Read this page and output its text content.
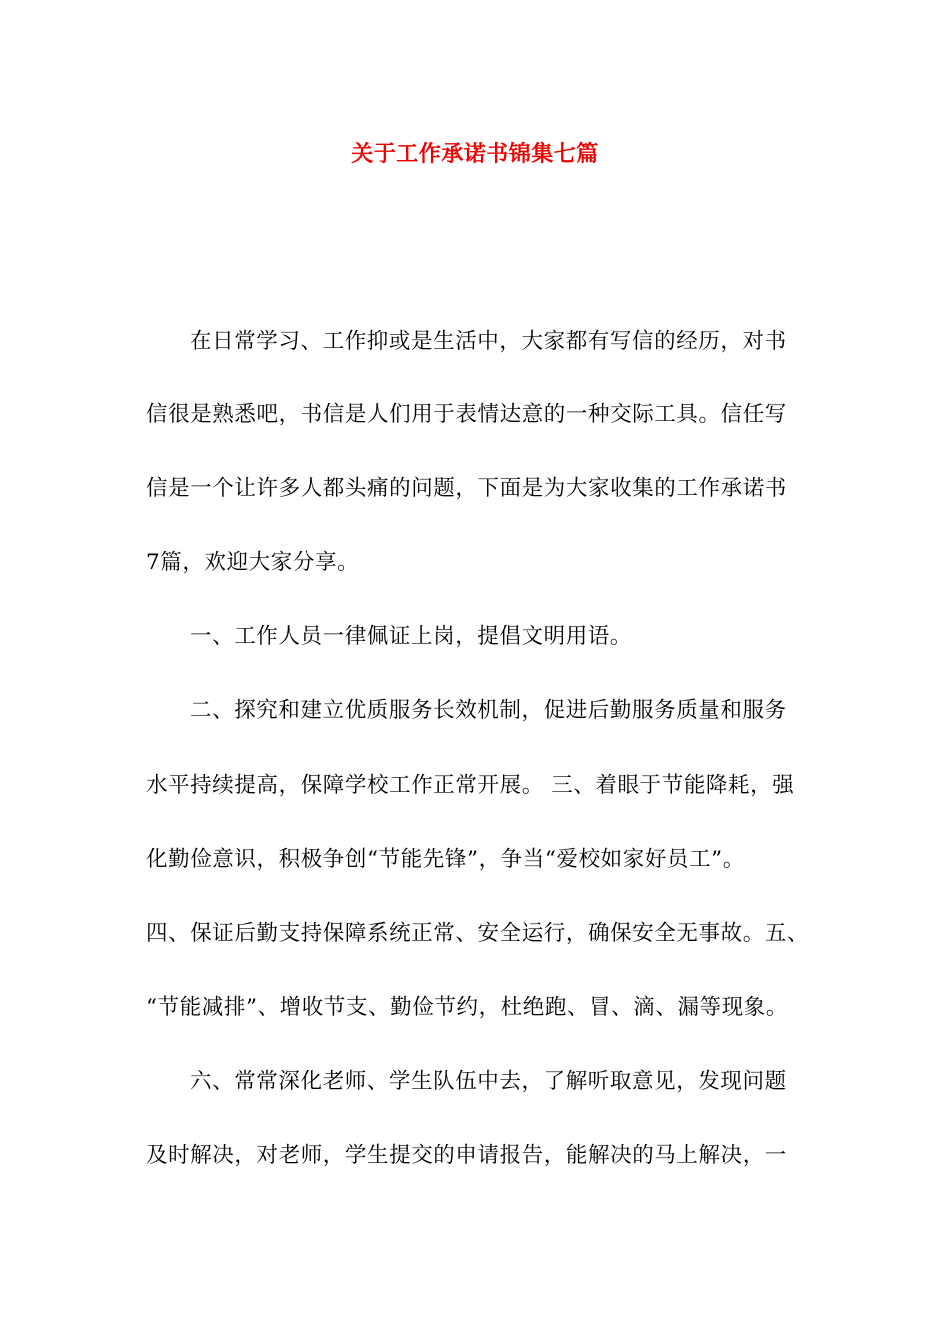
关于工作承诺书锦集七篇
在日常学习、工作抑或是生活中，大家都有写信的经历，对书
信很是熟悉吧，书信是人们用于表情达意的一种交际工具。信任写
信是一个让许多人都头痛的问题，下面是为大家收集的工作承诺书
7篇，欢迎大家分享。
一、工作人员一律佩证上岗，提倡文明用语。
二、探究和建立优质服务长效机制，促进后勤服务质量和服务
水平持续提高，保障学校工作正常开展。 三、着眼于节能降耗，强
化勤俭意识，积极争创“节能先锋”，争当“爱校如家好员工”。
四、保证后勤支持保障系统正常、安全运行，确保安全无事故。五、
“节能减排”、增收节支、勤俭节约，杜绝跑、冒、滴、漏等现象。
六、常常深化老师、学生队伍中去，了解听取意见，发现问题
及时解决，对老师，学生提交的申请报告，能解决的马上解决，一
